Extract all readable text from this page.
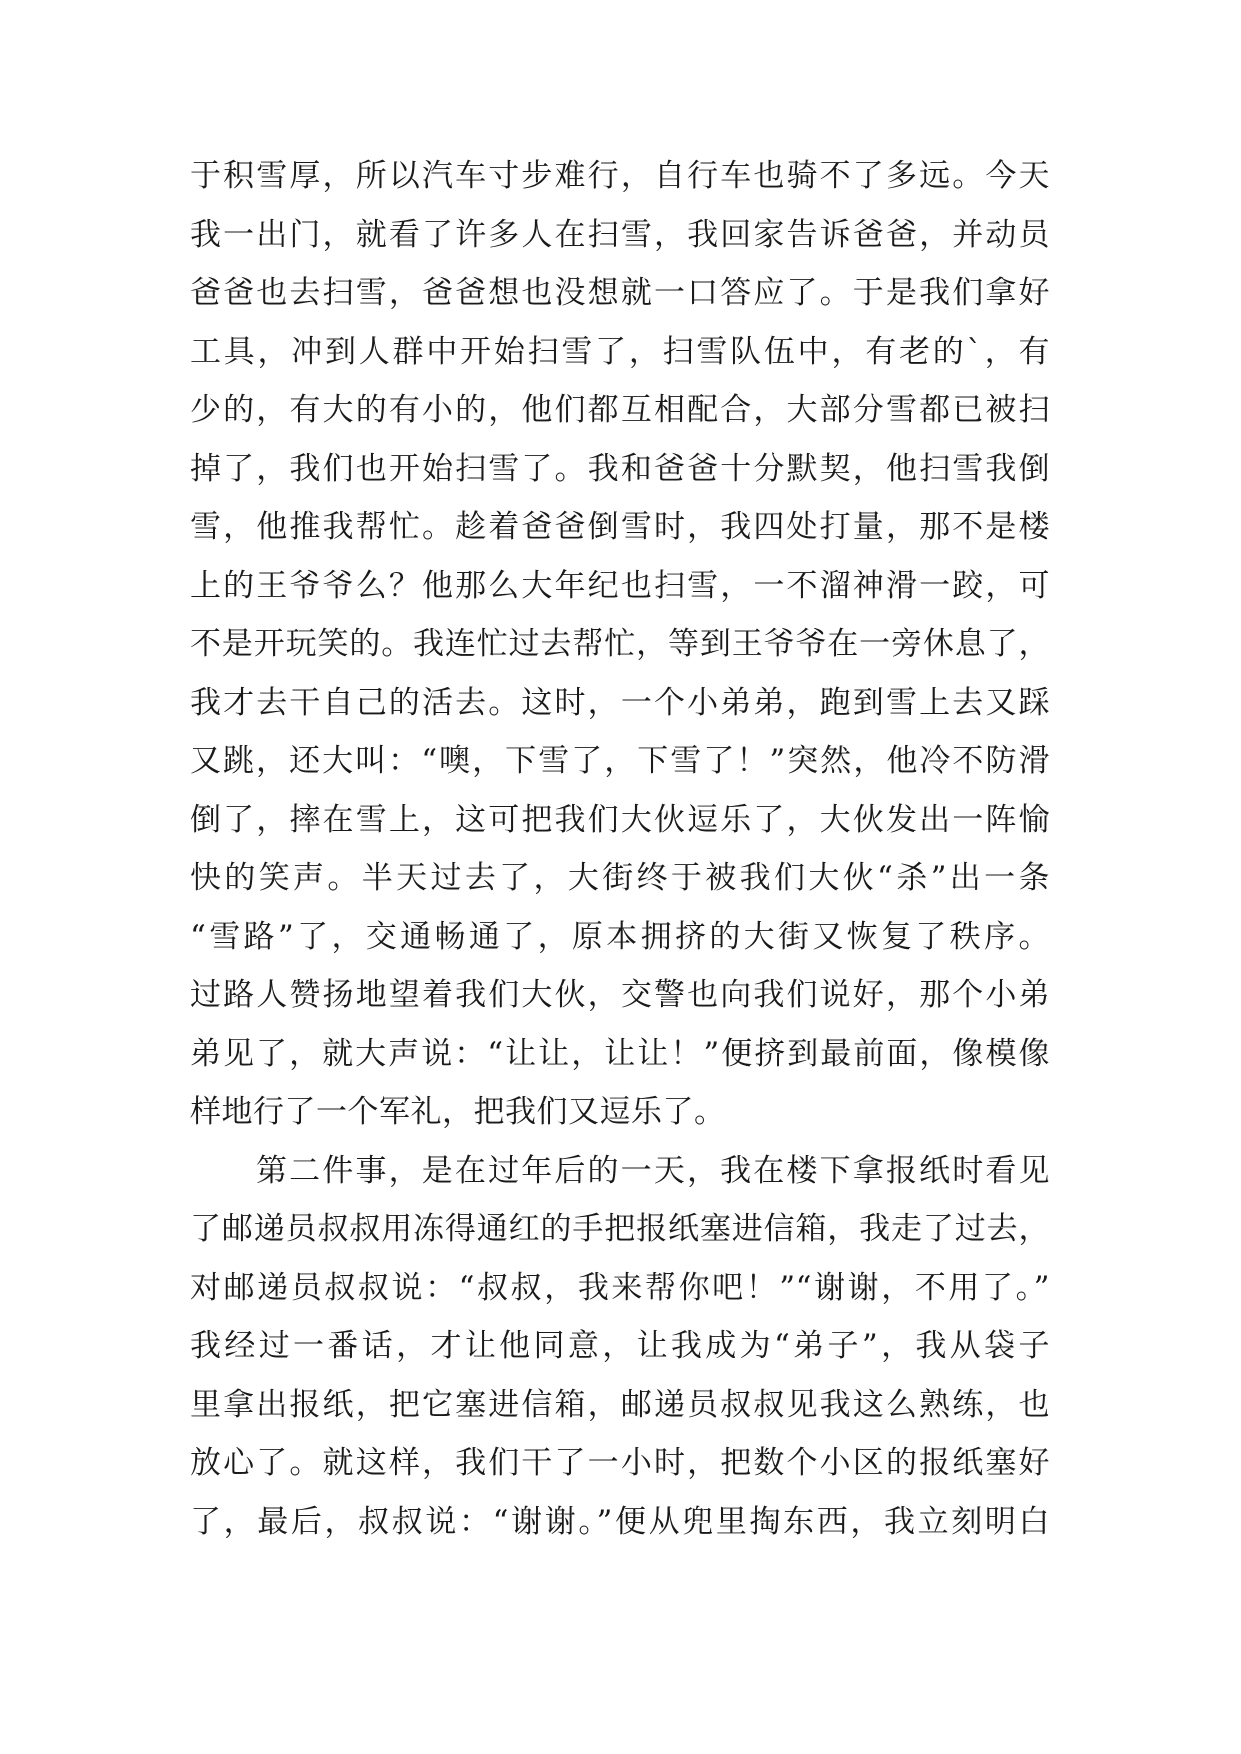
于积雪厚，所以汽车寸步难行，自行车也骑不了多远。今天
我一出门，就看了许多人在扫雪，我回家告诉爸爸，并动员
爸爸也去扫雪，爸爸想也没想就一口答应了。于是我们拿好
工具，冲到人群中开始扫雪了，扫雪队伍中，有老的`，有
少的，有大的有小的，他们都互相配合，大部分雪都已被扫
掉了，我们也开始扫雪了。我和爸爸十分默契，他扫雪我倒
雪，他推我帮忙。趁着爸爸倒雪时，我四处打量，那不是楼
上的王爷爷么？他那么大年纪也扫雪，一不溜神滑一跤，可
不是开玩笑的。我连忙过去帮忙，等到王爷爷在一旁休息了，
我才去干自己的活去。这时，一个小弟弟，跑到雪上去又踩
又跳，还大叫：“噢，下雪了，下雪了！”突然，他冷不防滑
倒了，摔在雪上，这可把我们大伙逗乐了，大伙发出一阵愉
快的笑声。半天过去了，大街终于被我们大伙“杀”出一条
“雪路”了，交通畅通了，原本拥挤的大街又恢复了秩序。
过路人赞扬地望着我们大伙，交警也向我们说好，那个小弟
弟见了，就大声说：“让让，让让！”便挤到最前面，像模像
样地行了一个军礼，把我们又逗乐了。
第二件事，是在过年后的一天，我在楼下拿报纸时看见
了邮递员叔叔用冻得通红的手把报纸塞进信箱，我走了过去，
对邮递员叔叔说：“叔叔，我来帮你吧！”“谢谢，不用了。”
我经过一番话，才让他同意，让我成为“弟子”，我从袋子
里拿出报纸，把它塞进信箱，邮递员叔叔见我这么熟练，也
放心了。就这样，我们干了一小时，把数个小区的报纸塞好
了，最后，叔叔说：“谢谢。”便从兜里掏东西，我立刻明白
